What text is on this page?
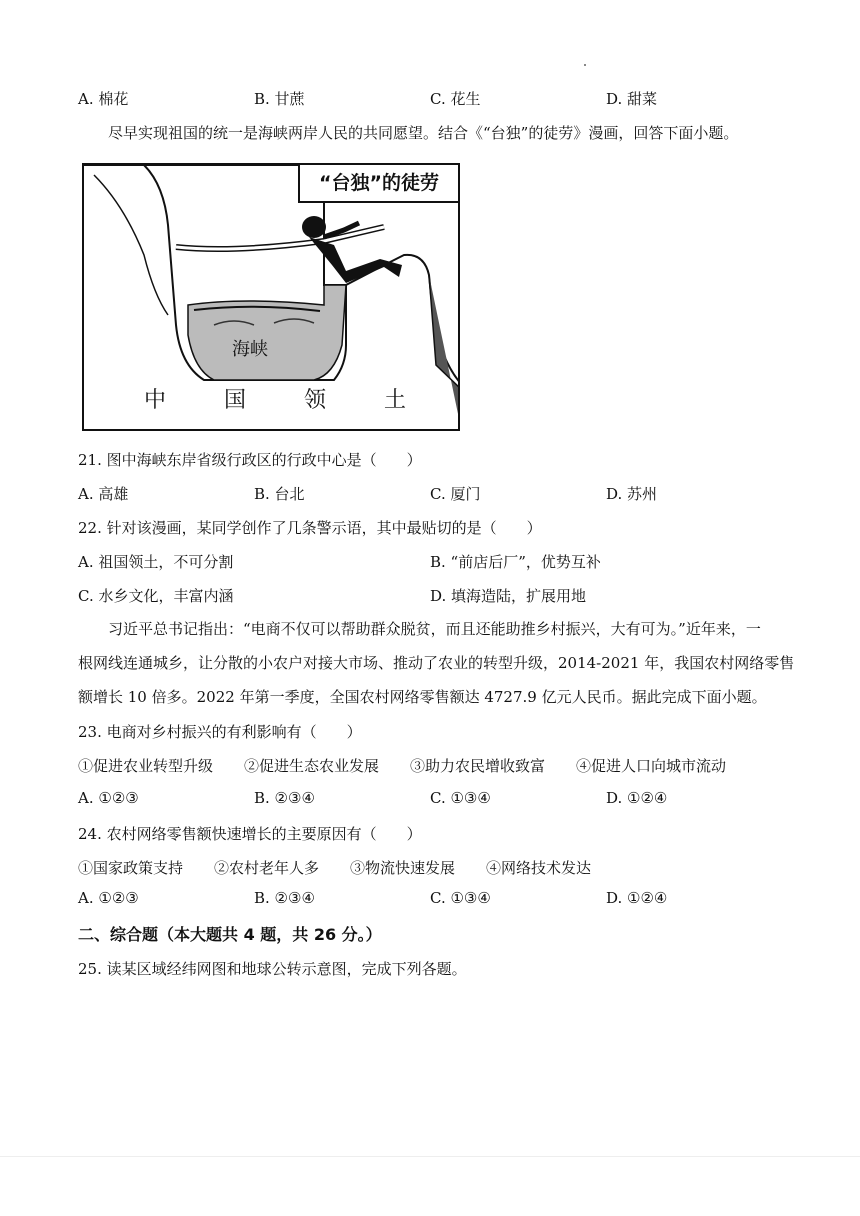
A. 棉花	B. 甘蔗	C. 花生	D. 甜菜
尽早实现祖国的统一是海峡两岸人民的共同愿望。结合《“台独”的徒劳》漫画，回答下面小题。
“台独”的徒劳
海峡
中	国	领	土
21. 图中海峡东岸省级行政区的行政中心是（　　）
A. 高雄	B. 台北	C. 厦门	D. 苏州
22. 针对该漫画，某同学创作了几条警示语，其中最贴切的是（　　）
A. 祖国领土，不可分割	B. “前店后厂”，优势互补
C. 水乡文化，丰富内涵	D. 填海造陆，扩展用地
习近平总书记指出：“电商不仅可以帮助群众脱贫，而且还能助推乡村振兴，大有可为。”近年来，一
根网线连通城乡，让分散的小农户对接大市场、推动了农业的转型升级，2014-2021 年，我国农村网络零售
额增长 10 倍多。2022 年第一季度，全国农村网络零售额达 4727.9 亿元人民币。据此完成下面小题。
23. 电商对乡村振兴的有利影响有（　　）
①促进农业转型升级 ②促进生态农业发展 ③助力农民增收致富 ④促进人口向城市流动
A. ①②③	B. ②③④	C. ①③④	D. ①②④
24. 农村网络零售额快速增长的主要原因有（　　）
①国家政策支持 ②农村老年人多 ③物流快速发展 ④网络技术发达
A. ①②③	B. ②③④	C. ①③④	D. ①②④
二、综合题（本大题共 4 题，共 26 分。）
25. 读某区域经纬网图和地球公转示意图，完成下列各题。
